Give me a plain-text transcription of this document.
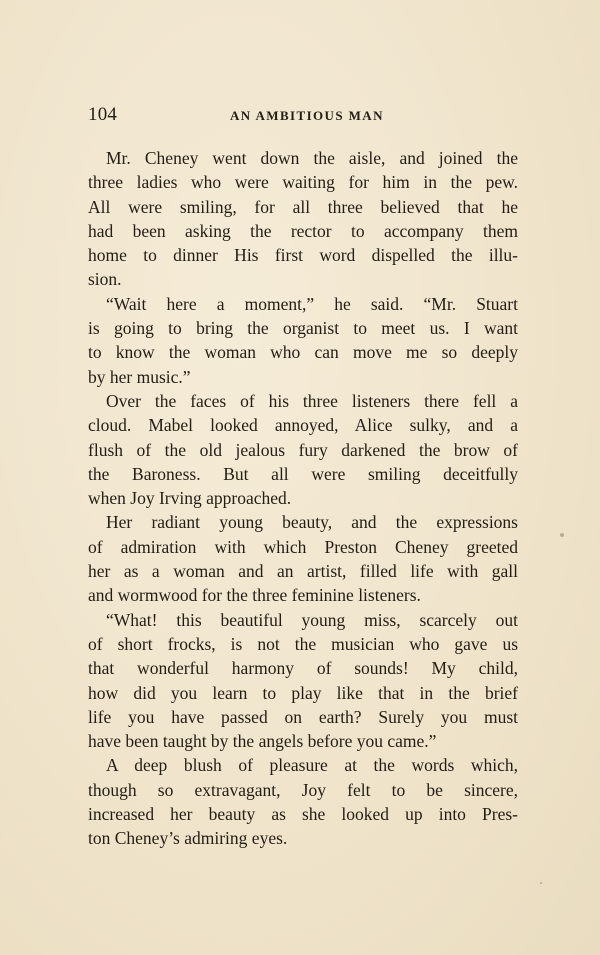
104	AN AMBITIOUS MAN
Mr. Cheney went down the aisle, and joined the
three ladies who were waiting for him in the pew.
All were smiling, for all three believed that he
had been asking the rector to accompany them
home to dinner His first word dispelled the illu-
sion.
“Wait here a moment,” he said. “Mr. Stuart
is going to bring the organist to meet us. I want
to know the woman who can move me so deeply
by her music.”
Over the faces of his three listeners there fell a
cloud. Mabel looked annoyed, Alice sulky, and a
flush of the old jealous fury darkened the brow of
the Baroness. But all were smiling deceitfully
when Joy Irving approached.
Her radiant young beauty, and the expressions
of admiration with which Preston Cheney greeted
her as a woman and an artist, filled life with gall
and wormwood for the three feminine listeners.
“What! this beautiful young miss, scarcely out
of short frocks, is not the musician who gave us
that wonderful harmony of sounds! My child,
how did you learn to play like that in the brief
life you have passed on earth? Surely you must
have been taught by the angels before you came.”
A deep blush of pleasure at the words which,
though so extravagant, Joy felt to be sincere,
increased her beauty as she looked up into Pres-
ton Cheney’s admiring eyes.
